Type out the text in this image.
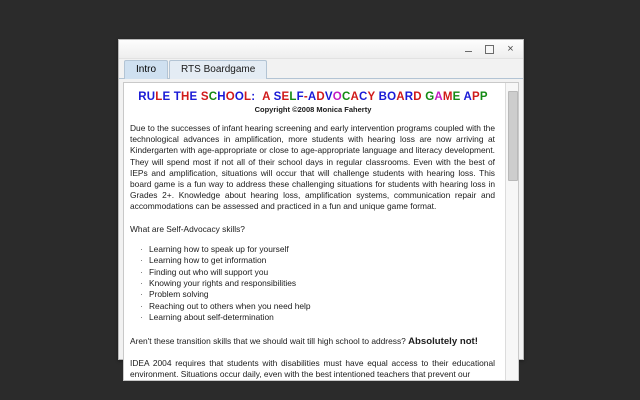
×
Intro	RTS Boardgame
RULE THE SCHOOL: A SELF-ADVOCACY BOARD GAME APP
Copyright ©2008 Monica Faherty

Due to the successes of infant hearing screening and early intervention programs coupled with the technological advances in amplification, more students with hearing loss are now arriving at Kindergarten with age-appropriate or close to age-appropriate language and literacy development. They will spend most if not all of their school days in regular classrooms. Even with the best of IEPs and amplification, situations will occur that will challenge students with hearing loss. This board game is a fun way to address these challenging situations for students with hearing loss in Grades 2+. Knowledge about hearing loss, amplification systems, communication repair and accommodations can be assessed and practiced in a fun and unique game format.

What are Self-Advocacy skills?

· Learning how to speak up for yourself
· Learning how to get information
· Finding out who will support you
· Knowing your rights and responsibilities
· Problem solving
· Reaching out to others when you need help
· Learning about self-determination

Aren't these transition skills that we should wait till high school to address? Absolutely not!

IDEA 2004 requires that students with disabilities must have equal access to their educational environment. Situations occur daily, even with the best intentioned teachers that prevent our
